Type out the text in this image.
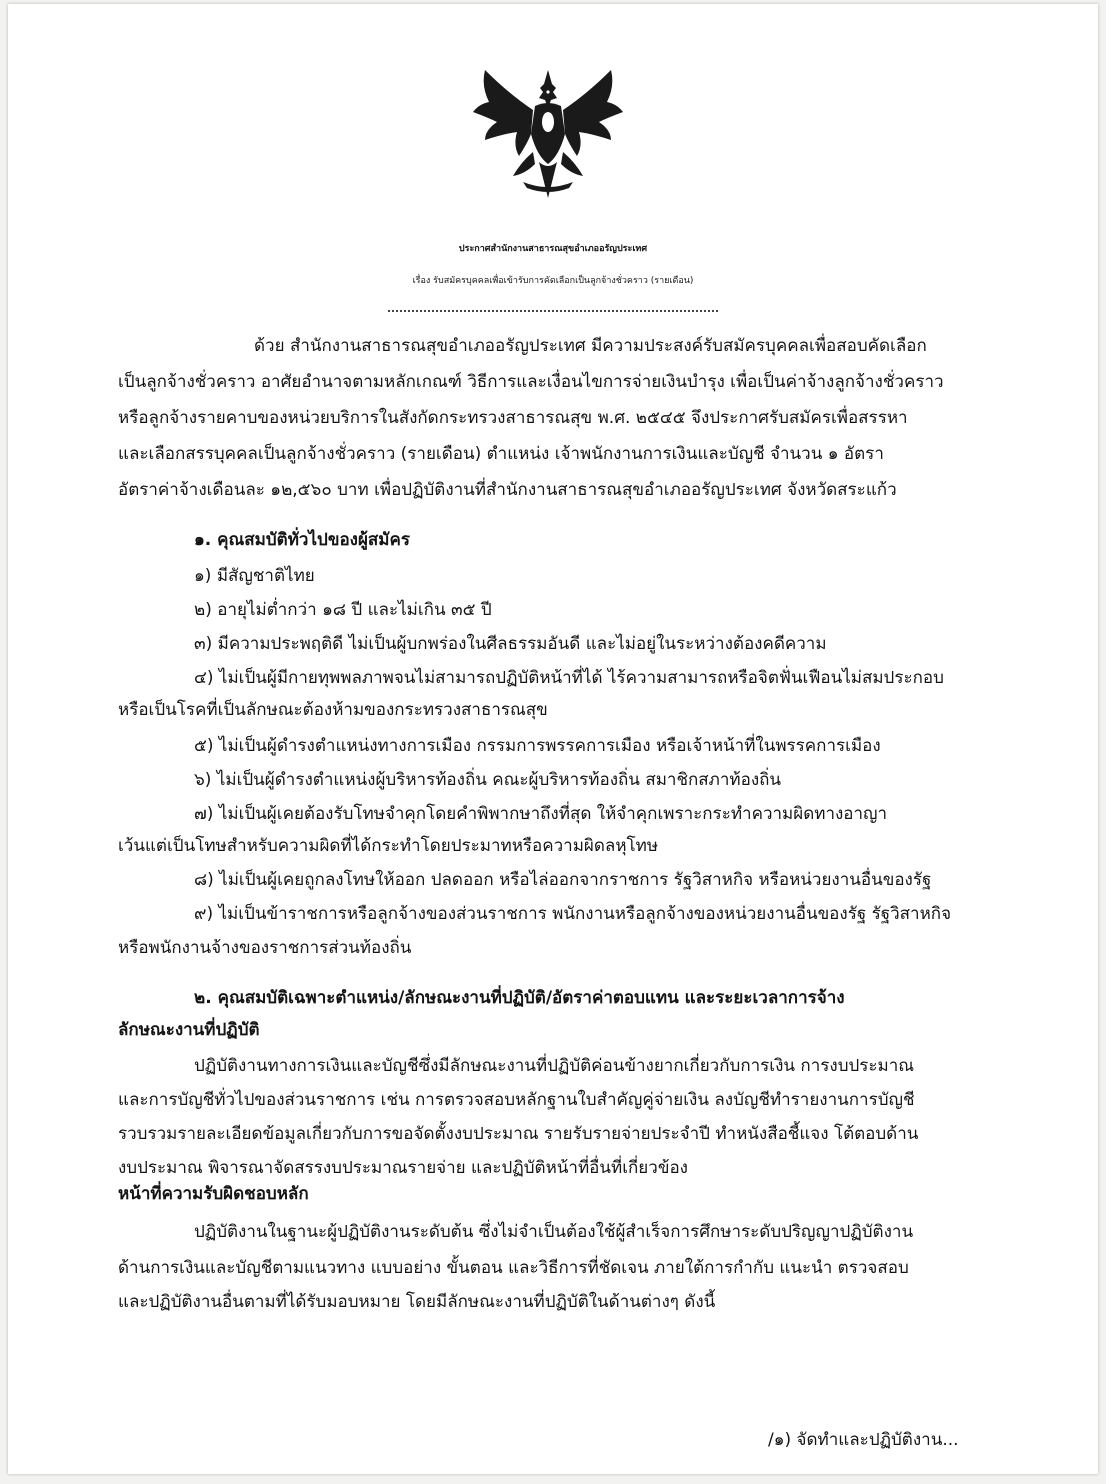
ประกาศสำนักงานสาธารณสุขอำเภออรัญประเทศ
เรื่อง รับสมัครบุคคลเพื่อเข้ารับการคัดเลือกเป็นลูกจ้างชั่วคราว (รายเดือน)
ด้วย สำนักงานสาธารณสุขอำเภออรัญประเทศ มีความประสงค์รับสมัครบุคคลเพื่อสอบคัดเลือก
เป็นลูกจ้างชั่วคราว อาศัยอำนาจตามหลักเกณฑ์ วิธีการและเงื่อนไขการจ่ายเงินบำรุง เพื่อเป็นค่าจ้างลูกจ้างชั่วคราว
หรือลูกจ้างรายคาบของหน่วยบริการในสังกัดกระทรวงสาธารณสุข พ.ศ. ๒๕๔๕ จึงประกาศรับสมัครเพื่อสรรหา
และเลือกสรรบุคคลเป็นลูกจ้างชั่วคราว (รายเดือน) ตำแหน่ง เจ้าพนักงานการเงินและบัญชี จำนวน ๑ อัตรา
อัตราค่าจ้างเดือนละ ๑๒,๕๖๐ บาท เพื่อปฏิบัติงานที่สำนักงานสาธารณสุขอำเภออรัญประเทศ จังหวัดสระแก้ว
๑. คุณสมบัติทั่วไปของผู้สมัคร
๑) มีสัญชาติไทย
๒) อายุไม่ต่ำกว่า ๑๘ ปี และไม่เกิน ๓๕ ปี
๓) มีความประพฤติดี ไม่เป็นผู้บกพร่องในศีลธรรมอันดี และไม่อยู่ในระหว่างต้องคดีความ
๔) ไม่เป็นผู้มีกายทุพพลภาพจนไม่สามารถปฏิบัติหน้าที่ได้ ไร้ความสามารถหรือจิตฟั่นเฟือนไม่สมประกอบ
หรือเป็นโรคที่เป็นลักษณะต้องห้ามของกระทรวงสาธารณสุข
๕) ไม่เป็นผู้ดำรงตำแหน่งทางการเมือง กรรมการพรรคการเมือง หรือเจ้าหน้าที่ในพรรคการเมือง
๖) ไม่เป็นผู้ดำรงตำแหน่งผู้บริหารท้องถิ่น คณะผู้บริหารท้องถิ่น สมาชิกสภาท้องถิ่น
๗) ไม่เป็นผู้เคยต้องรับโทษจำคุกโดยคำพิพากษาถึงที่สุด ให้จำคุกเพราะกระทำความผิดทางอาญา
เว้นแต่เป็นโทษสำหรับความผิดที่ได้กระทำโดยประมาทหรือความผิดลหุโทษ
๘) ไม่เป็นผู้เคยถูกลงโทษให้ออก ปลดออก หรือไล่ออกจากราชการ รัฐวิสาหกิจ หรือหน่วยงานอื่นของรัฐ
๙) ไม่เป็นข้าราชการหรือลูกจ้างของส่วนราชการ พนักงานหรือลูกจ้างของหน่วยงานอื่นของรัฐ รัฐวิสาหกิจ
หรือพนักงานจ้างของราชการส่วนท้องถิ่น
๒. คุณสมบัติเฉพาะตำแหน่ง/ลักษณะงานที่ปฏิบัติ/อัตราค่าตอบแทน และระยะเวลาการจ้าง
ลักษณะงานที่ปฏิบัติ
ปฏิบัติงานทางการเงินและบัญชีซึ่งมีลักษณะงานที่ปฏิบัติค่อนข้างยากเกี่ยวกับการเงิน การงบประมาณ
และการบัญชีทั่วไปของส่วนราชการ เช่น การตรวจสอบหลักฐานใบสำคัญคู่จ่ายเงิน ลงบัญชีทำรายงานการบัญชี
รวบรวมรายละเอียดข้อมูลเกี่ยวกับการขอจัดตั้งงบประมาณ รายรับรายจ่ายประจำปี ทำหนังสือชี้แจง โต้ตอบด้าน
งบประมาณ พิจารณาจัดสรรงบประมาณรายจ่าย และปฏิบัติหน้าที่อื่นที่เกี่ยวข้อง
หน้าที่ความรับผิดชอบหลัก
ปฏิบัติงานในฐานะผู้ปฏิบัติงานระดับต้น ซึ่งไม่จำเป็นต้องใช้ผู้สำเร็จการศึกษาระดับปริญญาปฏิบัติงาน
ด้านการเงินและบัญชีตามแนวทาง แบบอย่าง ขั้นตอน และวิธีการที่ชัดเจน ภายใต้การกำกับ แนะนำ ตรวจสอบ
และปฏิบัติงานอื่นตามที่ได้รับมอบหมาย โดยมีลักษณะงานที่ปฏิบัติในด้านต่างๆ ดังนี้
/๑) จัดทำและปฏิบัติงาน...
